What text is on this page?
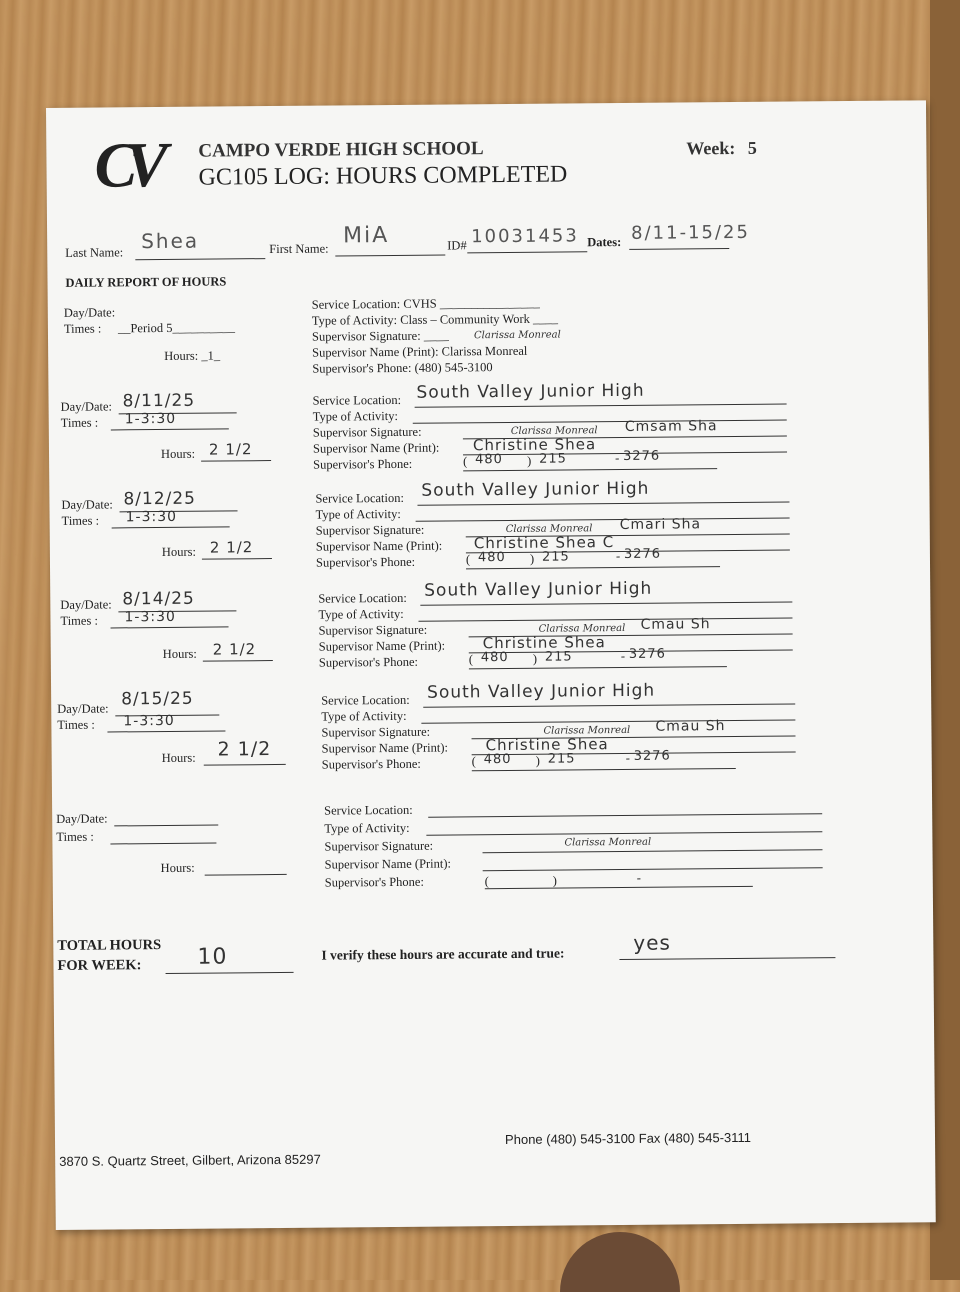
CV	CAMPO VERDE HIGH SCHOOL
GC105 LOG: HOURS COMPLETED
Week: 5
Last Name: Shea	First Name:
MiA	ID# 10031453 Dates: 8/11-15/25
DAILY REPORT OF HOURS
Day/Date:
Times : __Period 5__________
Hours: _1_
Service Location: CVHS ________________
Type of Activity: Class – Community Work ____
Supervisor Signature: ____	Clarissa Monreal
Supervisor Name (Print): Clarissa Monreal
Supervisor's Phone: (480) 545-3100
Day/Date: 8/11/25
Times : 1-3:30
Hours: 2 1/2
Service Location: South Valley Junior High
Type of Activity:
Supervisor Signature:	Clarissa Monreal Cmsam Sha
Supervisor Name (Print): Christine Shea
Supervisor's Phone:	( 480 ) 215	- 3276
Day/Date: 8/12/25
Times : 1-3:30
Hours: 2 1/2
Service Location: South Valley Junior High
Type of Activity:
Supervisor Signature:	Clarissa Monreal Cmari Sha
Supervisor Name (Print): Christine Shea C
Supervisor's Phone:	( 480 ) 215	- 3276
Day/Date: 8/14/25
Times : 1-3:30
Hours: 2 1/2
Service Location: South Valley Junior High
Type of Activity:
Supervisor Signature:	Clarissa Monreal Cmau Sh
Supervisor Name (Print): Christine Shea
Supervisor's Phone:	( 480 ) 215	- 3276
Day/Date: 8/15/25
Times : 1-3:30
Hours: 2 1/2
Service Location: South Valley Junior High
Type of Activity:
Supervisor Signature:	Clarissa Monreal Cmau Sh
Supervisor Name (Print): Christine Shea
Supervisor's Phone:	( 480 ) 215	- 3276
Day/Date:
Times :
Hours:
Service Location:
Type of Activity:
Supervisor Signature:	Clarissa Monreal
Supervisor Name (Print):
Supervisor's Phone:	(	)	-
TOTAL HOURS
FOR WEEK:	10	I verify these hours are accurate and true:	yes
3870 S. Quartz Street, Gilbert, Arizona 85297
Phone (480) 545-3100 Fax (480) 545-3111
